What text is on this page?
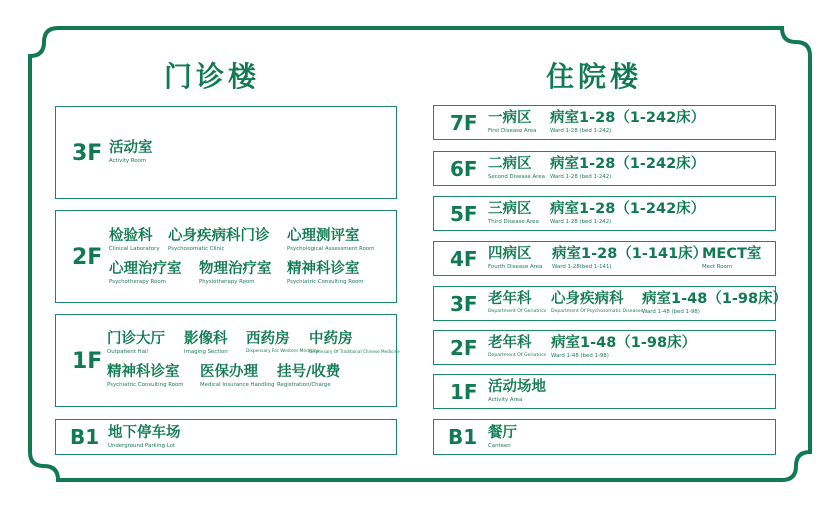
门诊楼
3F 活动室
Activity Room
2F
检验科
Clinical Laboratory
心身疾病科门诊
Psychosomatic Clinic
心理测评室
Psychological Assessment Room
心理治疗室
Psychotherapy Room
物理治疗室
Physiotherapy Room
精神科诊室
Psychiatric Consulting Room
1F
门诊大厅
Outpatient Hall
影像科
Imaging Section
西药房
Dispensary For Western Medicine
中药房
Dispensary Of Traditional Chinese Medicine
精神科诊室
Psychiatric Consulting Room
医保办理
Medical Insurance Handling
挂号/收费
Registration/Charge
B1 地下停车场
Underground Parking Lot
住院楼
7F 一病区
First Disease Area
病室1-28（1-242床）
Ward 1-28 (bed 1-242)
6F 二病区
Second Disease Area
病室1-28（1-242床）
Ward 1-28 (bed 1-242)
5F 三病区
Third Disease Area
病室1-28（1-242床）
Ward 1-28 (bed 1-242)
4F 四病区
Fourth Disease Area
病室1-28（1-141床）
Ward 1-28(bed 1-141)
MECT室
Mect Room
3F 老年科
Department Of Geriatrics
心身疾病科
Department Of Psychosomatic Diseases
病室1-48（1-98床）
Ward 1-48 (bed 1-98)
2F 老年科
Department Of Geriatrics
病室1-48（1-98床）
Ward 1-48 (bed 1-98)
1F 活动场地
Activity Area
B1 餐厅
Canteen
